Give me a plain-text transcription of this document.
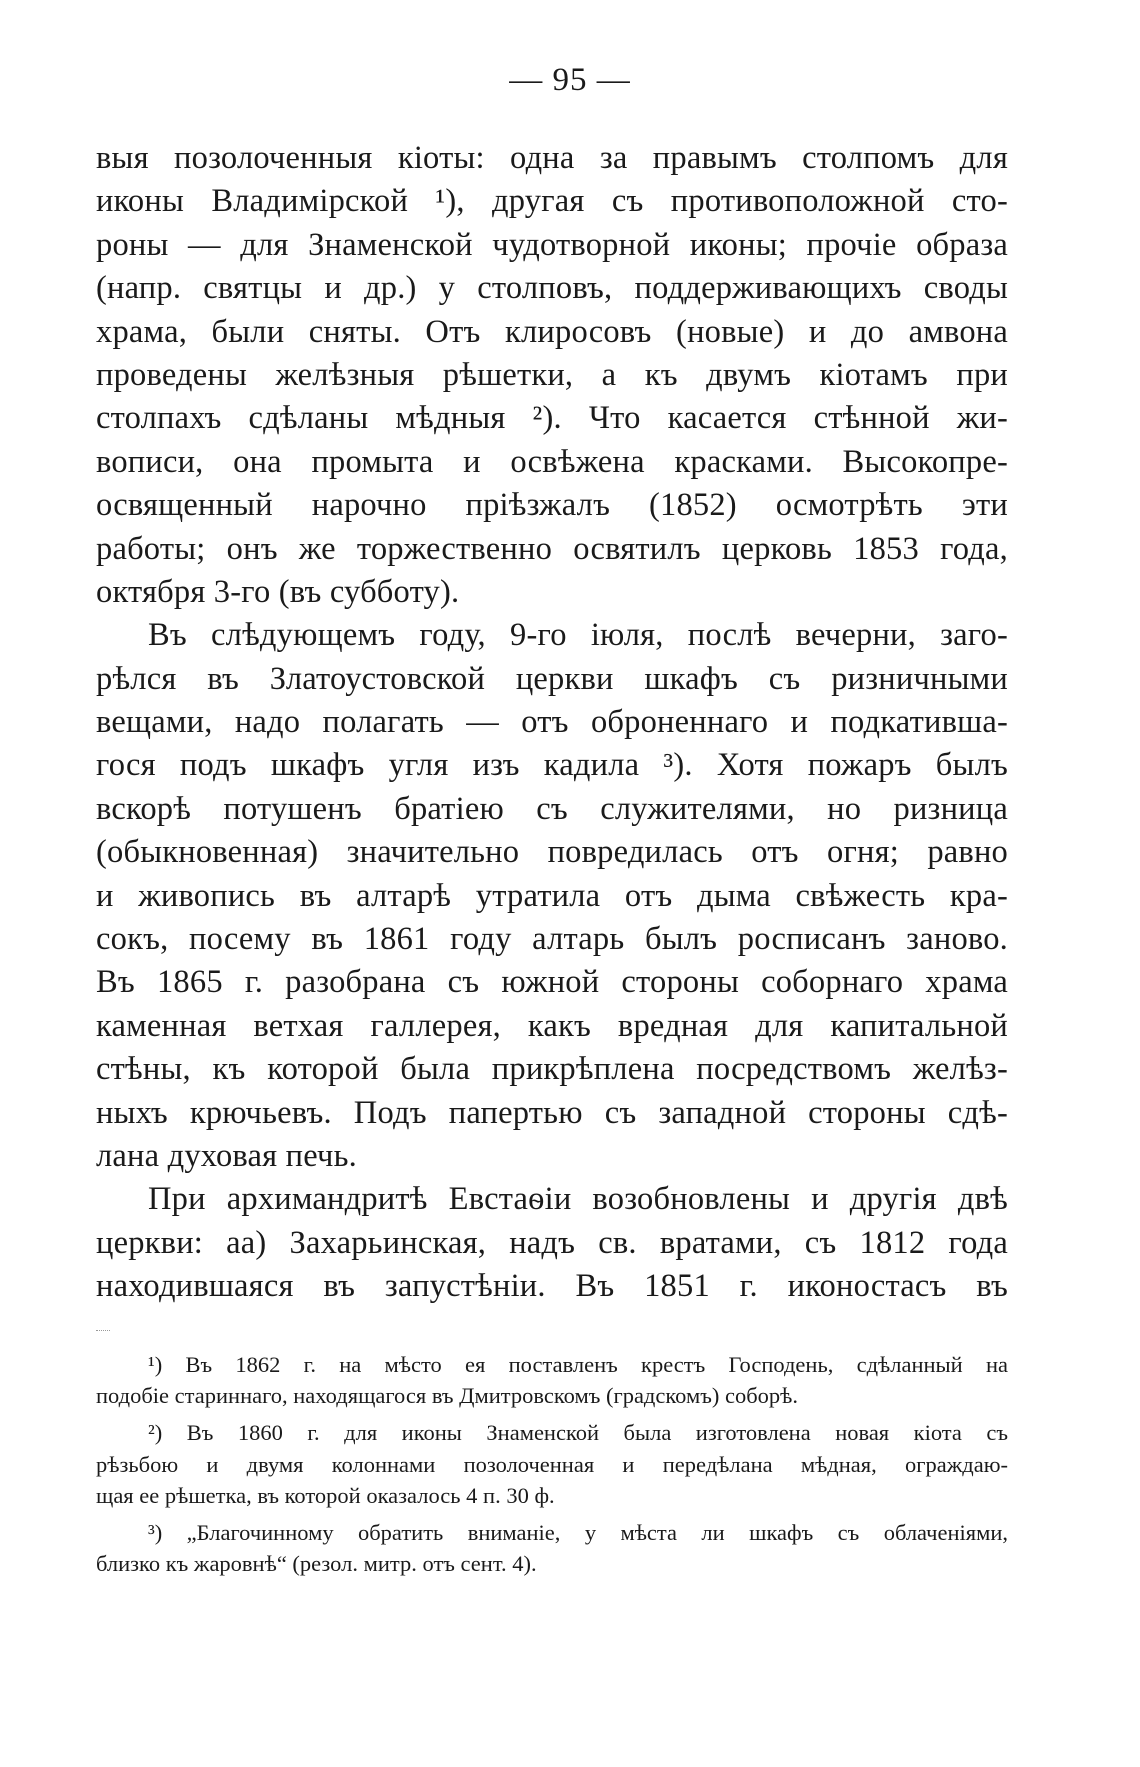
— 95 —
выя позолоченныя кіоты: одна за правымъ столпомъ для
иконы Владимірской ¹), другая съ противоположной сто-
роны — для Знаменской чудотворной иконы; прочіе образа
(напр. святцы и др.) у столповъ, поддерживающихъ своды
храма, были сняты. Отъ клиросовъ (новые) и до амвона
проведены желѣзныя рѣшетки, а къ двумъ кіотамъ при
столпахъ сдѣланы мѣдныя ²). Что касается стѣнной жи-
вописи, она промыта и освѣжена красками. Высокопре-
освященный нарочно пріѣзжалъ (1852) осмотрѣть эти
работы; онъ же торжественно освятилъ церковь 1853 года,
октября 3-го (въ субботу).
Въ слѣдующемъ году, 9-го іюля, послѣ вечерни, заго-
рѣлся въ Златоустовской церкви шкафъ съ ризничными
вещами, надо полагать — отъ оброненнаго и подкатившa-
гося подъ шкафъ угля изъ кадила ³). Хотя пожаръ былъ
вскорѣ потушенъ братіею съ служителями, но ризница
(обыкновенная) значительно повредилась отъ огня; равно
и живопись въ алтарѣ утратила отъ дыма свѣжесть кра-
сокъ, посему въ 1861 году алтарь былъ росписанъ заново.
Въ 1865 г. разобрана съ южной стороны соборнаго храма
каменная ветхая галлерея, какъ вредная для капитальной
стѣны, къ которой была прикрѣплена посредствомъ желѣз-
ныхъ крючьевъ. Подъ папертью съ западной стороны сдѣ-
лана духовая печь.
При архимандритѣ Евстаѳіи возобновлены и другія двѣ
церкви: аа) Захарьинская, надъ св. вратами, съ 1812 года
находившаяся въ запустѣніи. Въ 1851 г. иконостасъ въ
¹) Въ 1862 г. на мѣсто ея поставленъ крестъ Господень, сдѣланный на
подобіе стариннаго, находящагося въ Дмитровскомъ (градскомъ) соборѣ.
²) Въ 1860 г. для иконы Знаменской была изготовлена новая кіота съ
рѣзьбою и двумя колоннами позолоченная и передѣлана мѣдная, ограждаю-
щая ее рѣшетка, въ которой оказалось 4 п. 30 ф.
³) „Благочинному обратить вниманіе, у мѣста ли шкафъ съ облаченіями,
близко къ жаровнѣ“ (резол. митр. отъ сент. 4).
